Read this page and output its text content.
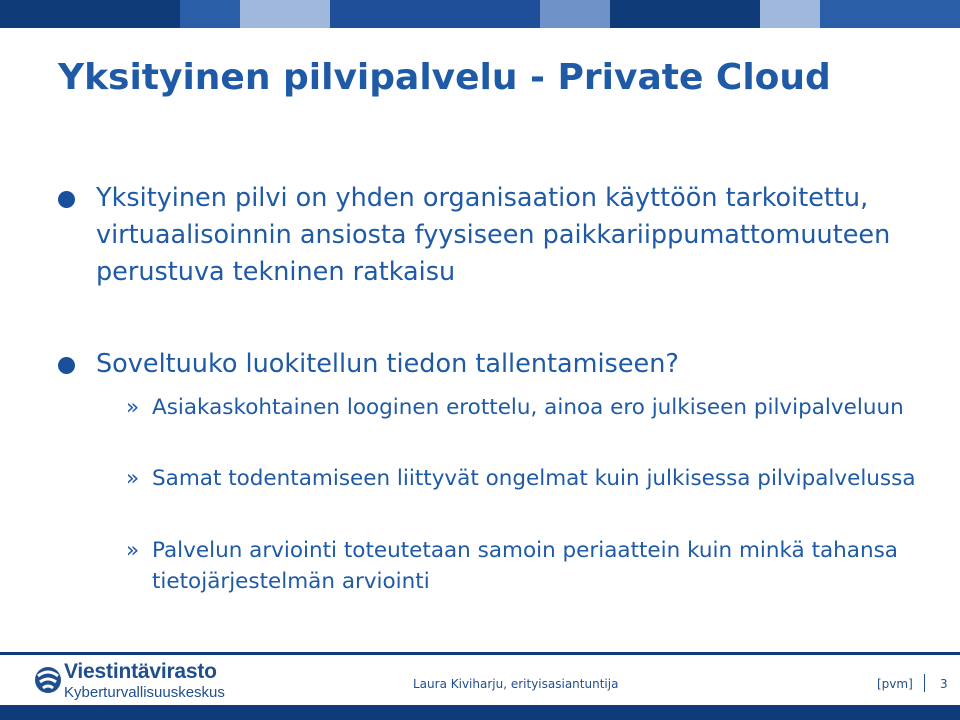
Yksityinen pilvipalvelu - Private Cloud
Yksityinen pilvi on yhden organisaation käyttöön tarkoitettu, virtuaalisoinnin ansiosta fyysiseen paikkariippumattomuuteen perustuva tekninen ratkaisu
Soveltuuko luokitellun tiedon tallentamiseen?
» Asiakaskohtainen looginen erottelu, ainoa ero julkiseen pilvipalveluun
» Samat todentamiseen liittyvät ongelmat kuin julkisessa pilvipalvelussa
» Palvelun arviointi toteutetaan samoin periaattein kuin minkä tahansa tietojärjestelmän arviointi
Viestintävirasto
Kyberturvallisuuskeskus	Laura Kiviharju, erityisasiantuntija	[pvm] 3
